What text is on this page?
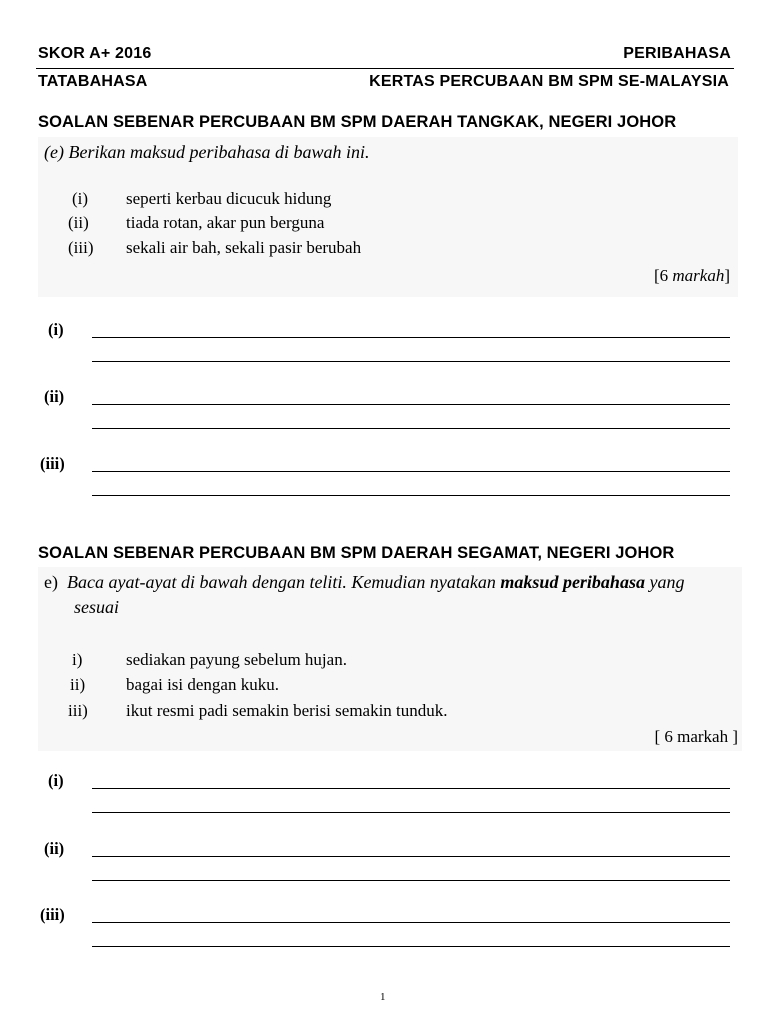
SKOR A+ 2016	PERIBAHASA
TATABAHASA	KERTAS PERCUBAAN BM SPM SE-MALAYSIA
SOALAN SEBENAR PERCUBAAN BM SPM DAERAH TANGKAK, NEGERI JOHOR
(e) Berikan maksud peribahasa di bawah ini.
(i) seperti kerbau dicucuk hidung
(ii) tiada rotan, akar pun berguna
(iii) sekali air bah, sekali pasir berubah
[6 markah]
(i)
(ii)
(iii)
SOALAN SEBENAR PERCUBAAN BM SPM DAERAH SEGAMAT, NEGERI JOHOR
e) Baca ayat-ayat di bawah dengan teliti. Kemudian nyatakan maksud peribahasa yang
sesuai
i)	sediakan payung sebelum hujan.
ii) bagai isi dengan kuku.
iii) ikut resmi padi semakin berisi semakin tunduk.
[ 6 markah ]
(i)
(ii)
(iii)
1
